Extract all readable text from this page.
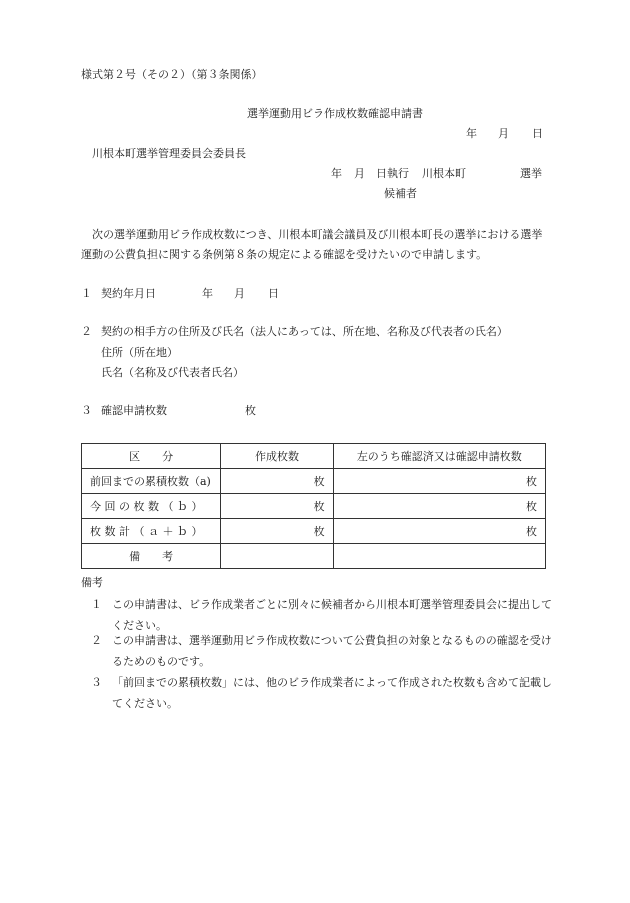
様式第２号（その２）（第３条関係）
選挙運動用ビラ作成枚数確認申請書
年 月 日
川根本町選挙管理委員会委員長
年 月 日執行 川根本町	選挙
候補者
次の選挙運動用ビラ作成枚数につき、川根本町議会議員及び川根本町長の選挙における選挙運動の公費負担に関する条例第８条の規定による確認を受けたいので申請します。
１ 契約年月日	年 月 日
２ 契約の相手方の住所及び氏名（法人にあっては、所在地、名称及び代表者の氏名）
住所（所在地）
氏名（名称及び代表者氏名）
３ 確認申請枚数	枚
区　　分	作成枚数	左のうち確認済又は確認申請枚数
前回までの累積枚数（a)	枚	枚
今 回 の 枚 数 （ ｂ ）	枚	枚
枚 数 計 （ ａ ＋ ｂ ）	枚	枚
備　　考		
備考
１ この申請書は、ビラ作成業者ごとに別々に候補者から川根本町選挙管理委員会に提出してください。
２ この申請書は、選挙運動用ビラ作成枚数について公費負担の対象となるものの確認を受けるためのものです。
３ 「前回までの累積枚数」には、他のビラ作成業者によって作成された枚数も含めて記載してください。
